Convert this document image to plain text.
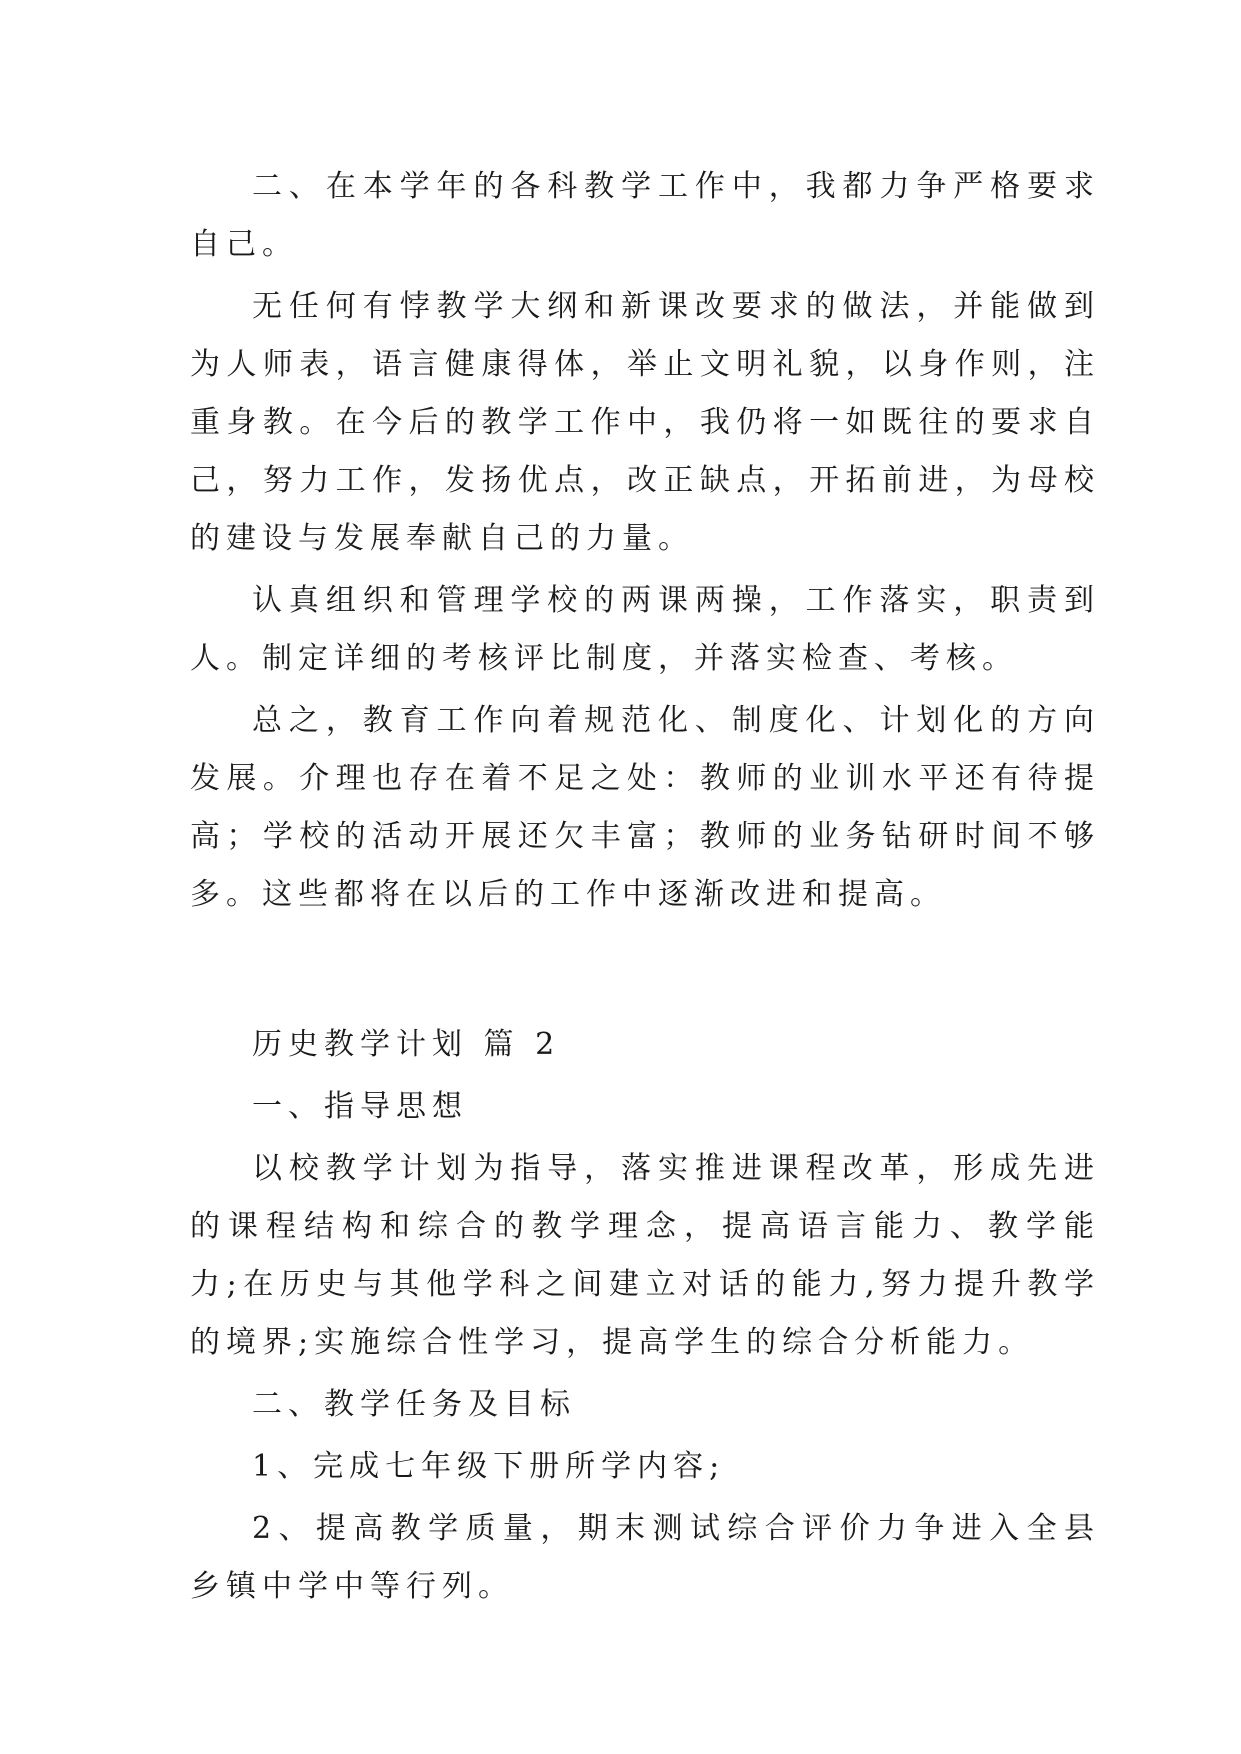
二、在本学年的各科教学工作中，我都力争严格要求自己。

无任何有悖教学大纲和新课改要求的做法，并能做到为人师表，语言健康得体，举止文明礼貌，以身作则，注重身教。在今后的教学工作中，我仍将一如既往的要求自己，努力工作，发扬优点，改正缺点，开拓前进，为母校的建设与发展奉献自己的力量。

认真组织和管理学校的两课两操，工作落实，职责到人。制定详细的考核评比制度，并落实检查、考核。

总之，教育工作向着规范化、制度化、计划化的方向发展。介理也存在着不足之处：教师的业训水平还有待提高；学校的活动开展还欠丰富；教师的业务钻研时间不够多。这些都将在以后的工作中逐渐改进和提高。

历史教学计划 篇 2

一、指导思想

以校教学计划为指导，落实推进课程改革，形成先进的课程结构和综合的教学理念，提高语言能力、教学能力;在历史与其他学科之间建立对话的能力,努力提升教学的境界;实施综合性学习，提高学生的综合分析能力。

二、教学任务及目标

1、完成七年级下册所学内容;

2、提高教学质量，期末测试综合评价力争进入全县乡镇中学中等行列。
